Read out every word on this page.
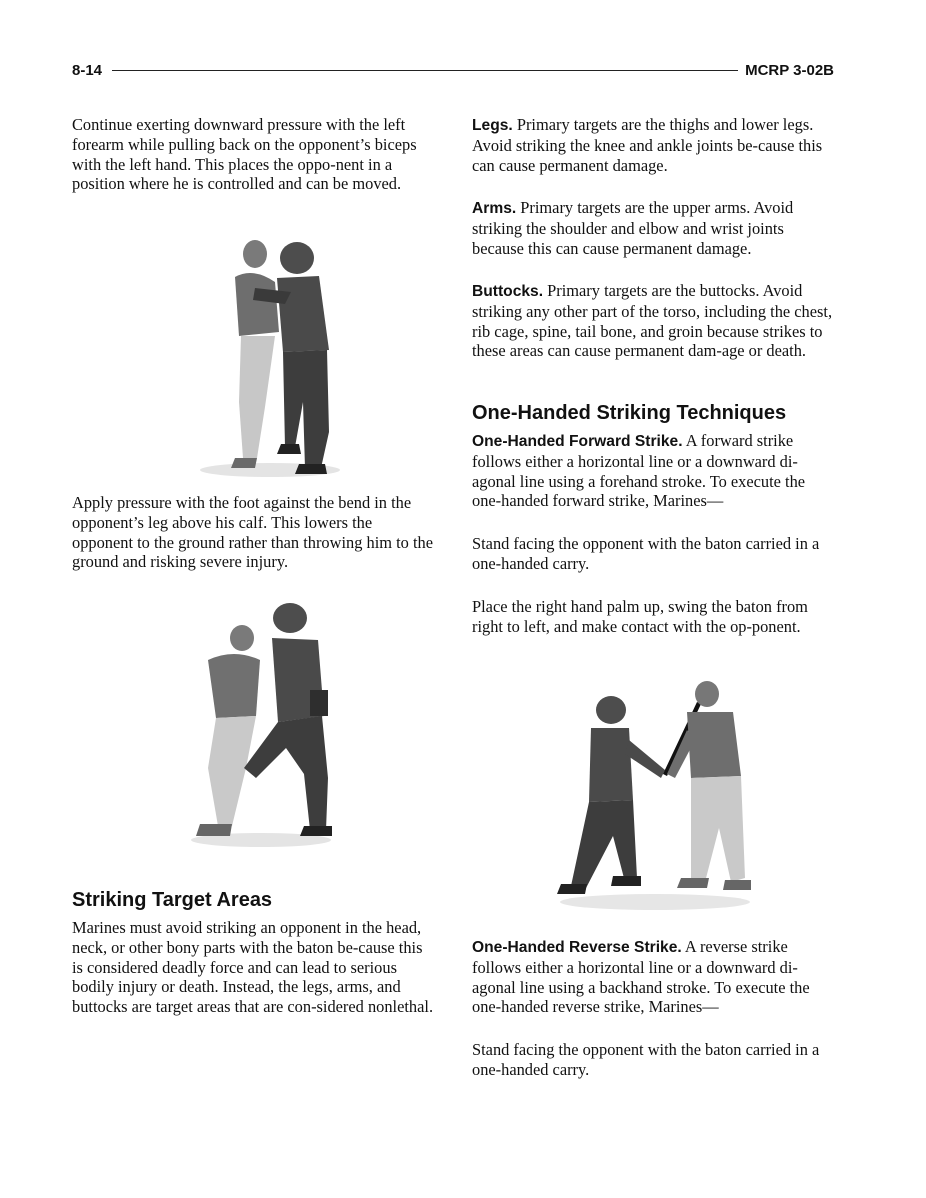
8-14	MCRP 3-02B

Continue exerting downward pressure with the left forearm while pulling back on the opponent’s biceps with the left hand. This places the oppo-nent in a position where he is controlled and can be moved.

Apply pressure with the foot against the bend in the opponent’s leg above his calf. This lowers the opponent to the ground rather than throwing him to the ground and risking severe injury.

Striking Target Areas

Marines must avoid striking an opponent in the head, neck, or other bony parts with the baton be-cause this is considered deadly force and can lead to serious bodily injury or death. Instead, the legs, arms, and buttocks are target areas that are con-sidered nonlethal.

Legs. Primary targets are the thighs and lower legs. Avoid striking the knee and ankle joints be-cause this can cause permanent damage.

Arms. Primary targets are the upper arms. Avoid striking the shoulder and elbow and wrist joints because this can cause permanent damage.

Buttocks. Primary targets are the buttocks. Avoid striking any other part of the torso, including the chest, rib cage, spine, tail bone, and groin because strikes to these areas can cause permanent dam-age or death.

One-Handed Striking Techniques

One-Handed Forward Strike. A forward strike follows either a horizontal line or a downward di-agonal line using a forehand stroke. To execute the one-handed forward strike, Marines—

Stand facing the opponent with the baton carried in a one-handed carry.

Place the right hand palm up, swing the baton from right to left, and make contact with the op-ponent.

One-Handed Reverse Strike. A reverse strike follows either a horizontal line or a downward di-agonal line using a backhand stroke. To execute the one-handed reverse strike, Marines—

Stand facing the opponent with the baton carried in a one-handed carry.
